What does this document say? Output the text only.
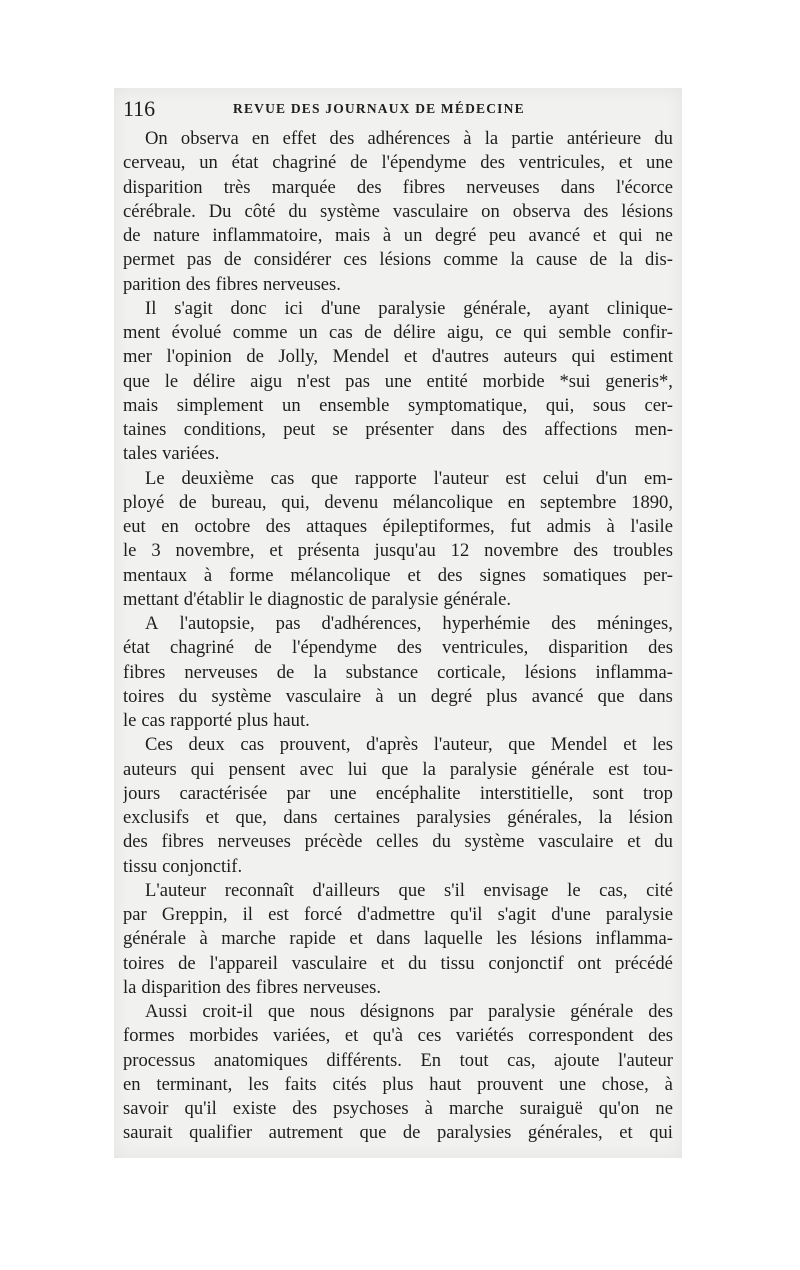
116	REVUE DES JOURNAUX DE MÉDECINE
On observa en effet des adhérences à la partie antérieure du
cerveau, un état chagriné de l'épendyme des ventricules, et une
disparition très marquée des fibres nerveuses dans l'écorce
cérébrale. Du côté du système vasculaire on observa des lésions
de nature inflammatoire, mais à un degré peu avancé et qui ne
permet pas de considérer ces lésions comme la cause de la dis-
parition des fibres nerveuses.
Il s'agit donc ici d'une paralysie générale, ayant clinique-
ment évolué comme un cas de délire aigu, ce qui semble confir-
mer l'opinion de Jolly, Mendel et d'autres auteurs qui estiment
que le délire aigu n'est pas une entité morbide *sui generis*,
mais simplement un ensemble symptomatique, qui, sous cer-
taines conditions, peut se présenter dans des affections men-
tales variées.
Le deuxième cas que rapporte l'auteur est celui d'un em-
ployé de bureau, qui, devenu mélancolique en septembre 1890,
eut en octobre des attaques épileptiformes, fut admis à l'asile
le 3 novembre, et présenta jusqu'au 12 novembre des troubles
mentaux à forme mélancolique et des signes somatiques per-
mettant d'établir le diagnostic de paralysie générale.
A l'autopsie, pas d'adhérences, hyperhémie des méninges,
état chagriné de l'épendyme des ventricules, disparition des
fibres nerveuses de la substance corticale, lésions inflamma-
toires du système vasculaire à un degré plus avancé que dans
le cas rapporté plus haut.
Ces deux cas prouvent, d'après l'auteur, que Mendel et les
auteurs qui pensent avec lui que la paralysie générale est tou-
jours caractérisée par une encéphalite interstitielle, sont trop
exclusifs et que, dans certaines paralysies générales, la lésion
des fibres nerveuses précède celles du système vasculaire et du
tissu conjonctif.
L'auteur reconnaît d'ailleurs que s'il envisage le cas, cité
par Greppin, il est forcé d'admettre qu'il s'agit d'une paralysie
générale à marche rapide et dans laquelle les lésions inflamma-
toires de l'appareil vasculaire et du tissu conjonctif ont précédé
la disparition des fibres nerveuses.
Aussi croit-il que nous désignons par paralysie générale des
formes morbides variées, et qu'à ces variétés correspondent des
processus anatomiques différents. En tout cas, ajoute l'auteur
en terminant, les faits cités plus haut prouvent une chose, à
savoir qu'il existe des psychoses à marche suraiguë qu'on ne
saurait qualifier autrement que de paralysies générales, et qui
